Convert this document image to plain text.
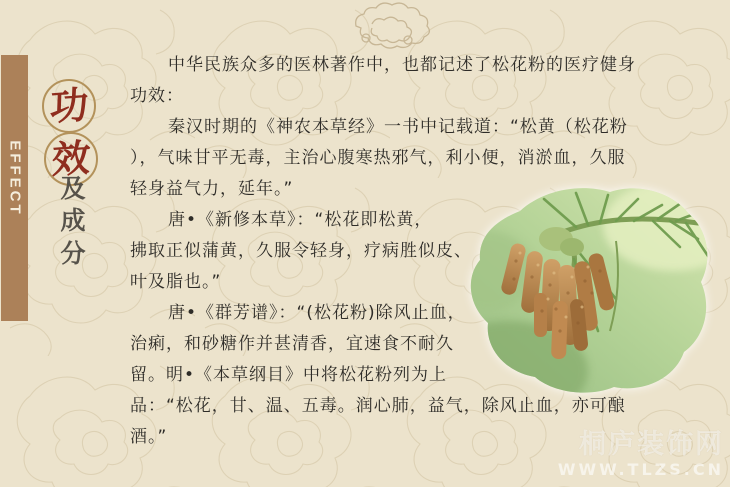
EFFECT
功
效
及
成
分
中华民族众多的医林著作中，也都记述了松花粉的医疗健身
功效：
秦汉时期的《神农本草经》一书中记载道：“松黄（松花粉
），气味甘平无毒，主治心腹寒热邪气，利小便，消淤血，久服
轻身益气力，延年。”
唐•《新修本草》：“松花即松黄，
拂取正似蒲黄，久服令轻身，疗病胜似皮、
叶及脂也。”
唐•《群芳谱》：“(松花粉)除风止血，
治痢，和砂糖作并甚清香，宜速食不耐久
留。明•《本草纲目》中将松花粉列为上
品：“松花，甘、温、五毒。润心肺，益气，除风止血，亦可酿
酒。”	桐庐装饰网
WWW.TLZS.CN
